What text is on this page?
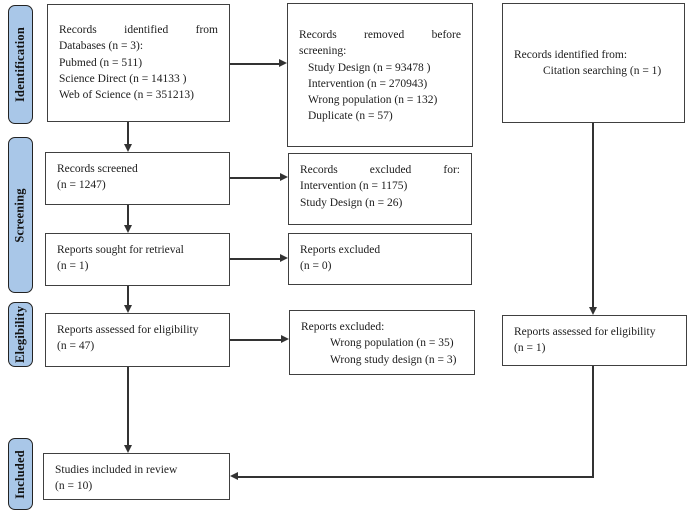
Identification
Screening
Elegibility
Included
Records identified from
Databases (n = 3):
Pubmed (n = 511)
Science Direct (n = 14133 )
Web of Science (n = 351213)
Records screened
(n = 1247)
Reports sought for retrieval
(n = 1)
Reports assessed for eligibility
(n = 47)
Studies included in review
(n = 10)
Records removed before
screening:
Study Design (n = 93478 )
Intervention (n = 270943)
Wrong population (n = 132)
Duplicate (n = 57)
Records excluded for:
Intervention (n = 1175)
Study Design (n = 26)
Reports excluded
(n = 0)
Reports excluded:
Wrong population (n = 35)
Wrong study design (n = 3)
Records identified from:
Citation searching (n = 1)
Reports assessed for eligibility
(n = 1)
